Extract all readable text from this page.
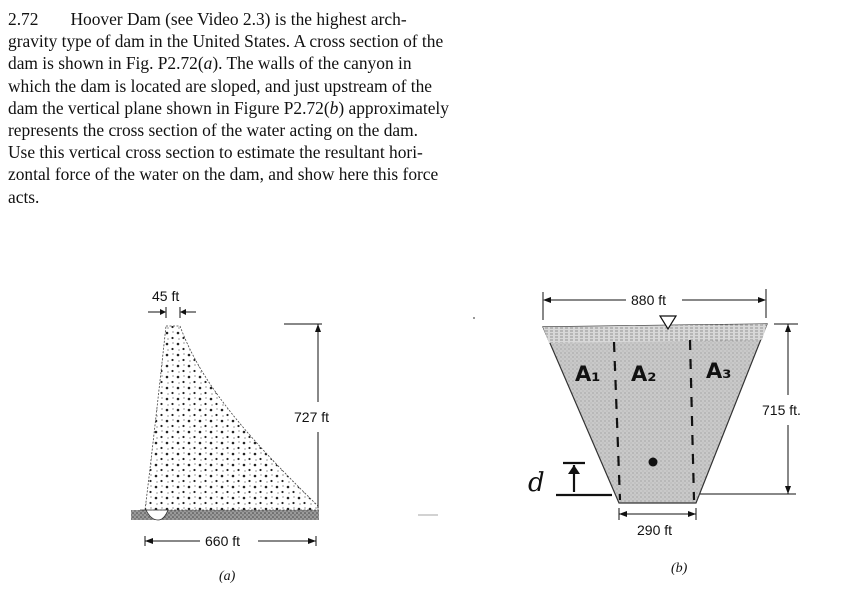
2.72 Hoover Dam (see Video 2.3) is the highest arch-
gravity type of dam in the United States. A cross section of the
dam is shown in Fig. P2.72(a). The walls of the canyon in
which the dam is located are sloped, and just upstream of the
dam the vertical plane shown in Figure P2.72(b) approximately
represents the cross section of the water acting on the dam.
Use this vertical cross section to estimate the resultant hori-
zontal force of the water on the dam, and show here this force
acts.
45 ft
727 ft
660 ft
(a)
880 ft
715 ft.
290 ft
(b)
A₁ A₂ A₃
d
